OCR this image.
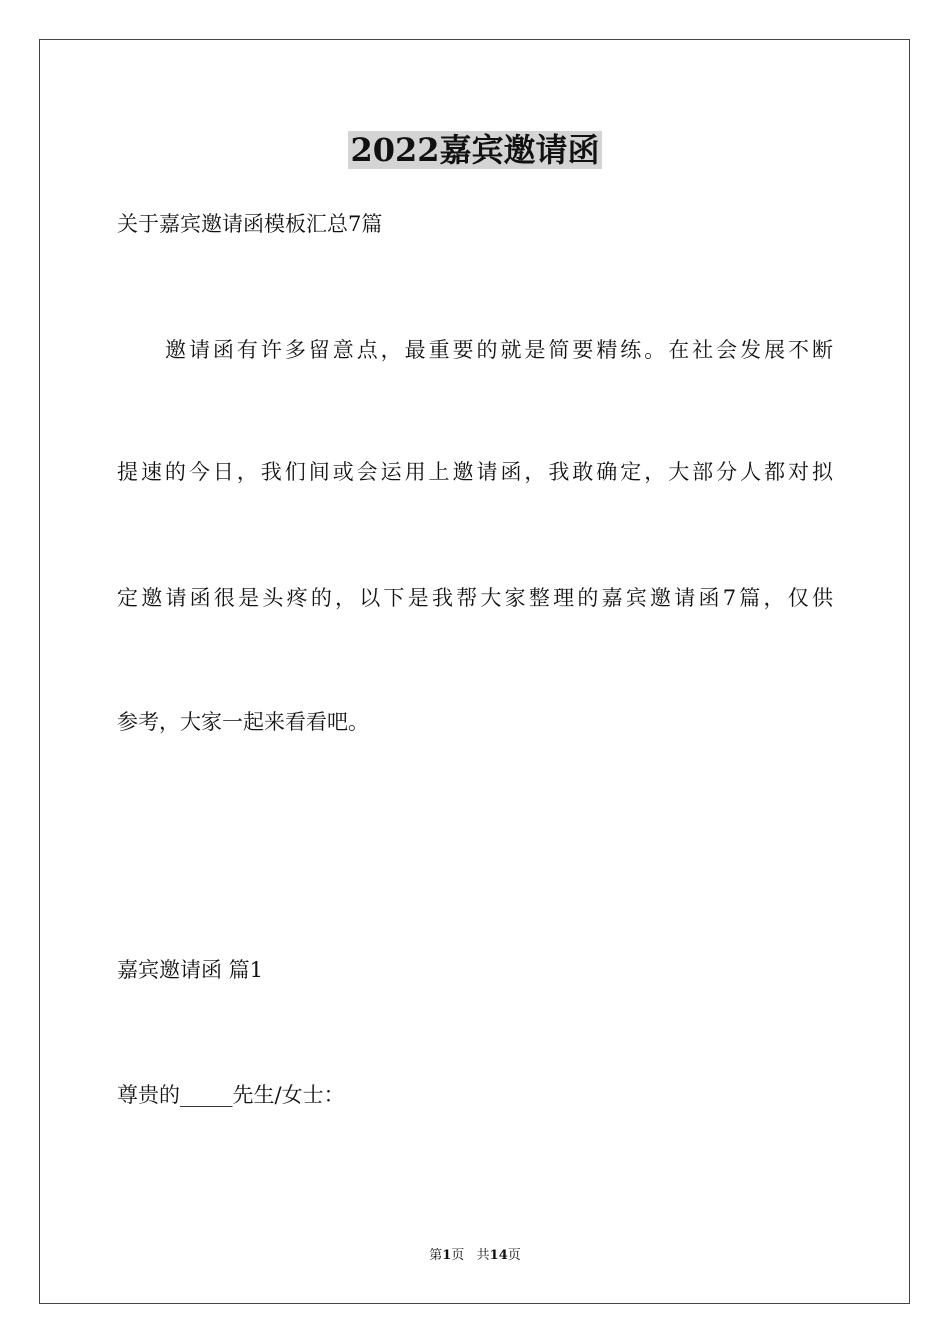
2022嘉宾邀请函
关于嘉宾邀请函模板汇总7篇
邀请函有许多留意点，最重要的就是简要精练。在社会发展不断
提速的今日，我们间或会运用上邀请函，我敢确定，大部分人都对拟
定邀请函很是头疼的，以下是我帮大家整理的嘉宾邀请函7篇，仅供
参考，大家一起来看看吧。
嘉宾邀请函 篇1
尊贵的_____先生/女士：
第1页   共14页
